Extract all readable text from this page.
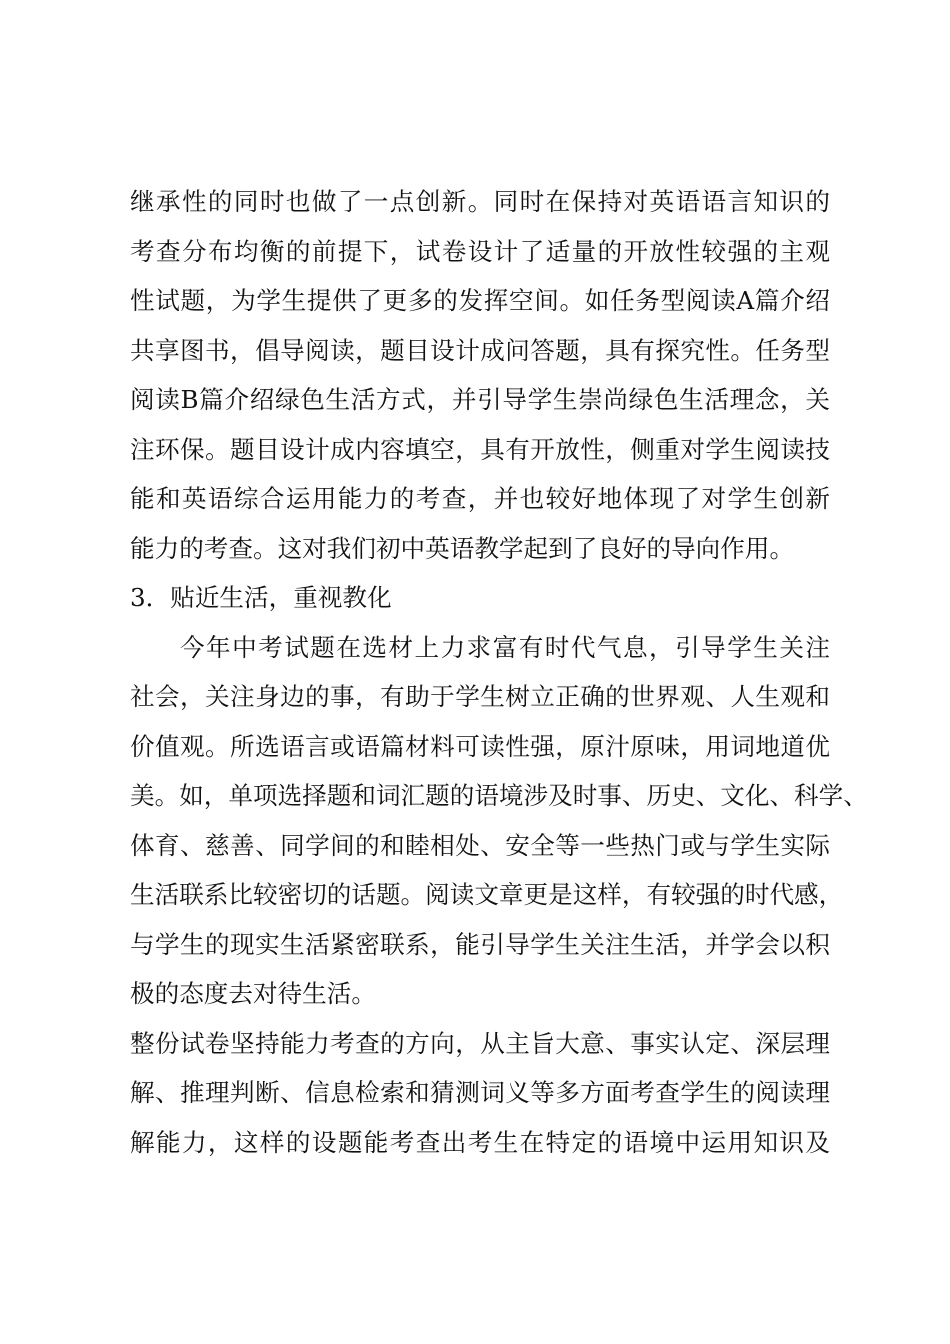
继承性的同时也做了一点创新。同时在保持对英语语言知识的
考查分布均衡的前提下，试卷设计了适量的开放性较强的主观
性试题，为学生提供了更多的发挥空间。如任务型阅读A篇介绍
共享图书，倡导阅读，题目设计成问答题，具有探究性。任务型
阅读B篇介绍绿色生活方式，并引导学生崇尚绿色生活理念，关
注环保。题目设计成内容填空，具有开放性，侧重对学生阅读技
能和英语综合运用能力的考查，并也较好地体现了对学生创新
能力的考查。这对我们初中英语教学起到了良好的导向作用。
3．贴近生活，重视教化
今年中考试题在选材上力求富有时代气息，引导学生关注
社会，关注身边的事，有助于学生树立正确的世界观、人生观和
价值观。所选语言或语篇材料可读性强，原汁原味，用词地道优
美。如，单项选择题和词汇题的语境涉及时事、历史、文化、科学、
体育、慈善、同学间的和睦相处、安全等一些热门或与学生实际
生活联系比较密切的话题。阅读文章更是这样，有较强的时代感，
与学生的现实生活紧密联系，能引导学生关注生活，并学会以积
极的态度去对待生活。
整份试卷坚持能力考查的方向，从主旨大意、事实认定、深层理
解、推理判断、信息检索和猜测词义等多方面考查学生的阅读理
解能力，这样的设题能考查出考生在特定的语境中运用知识及
